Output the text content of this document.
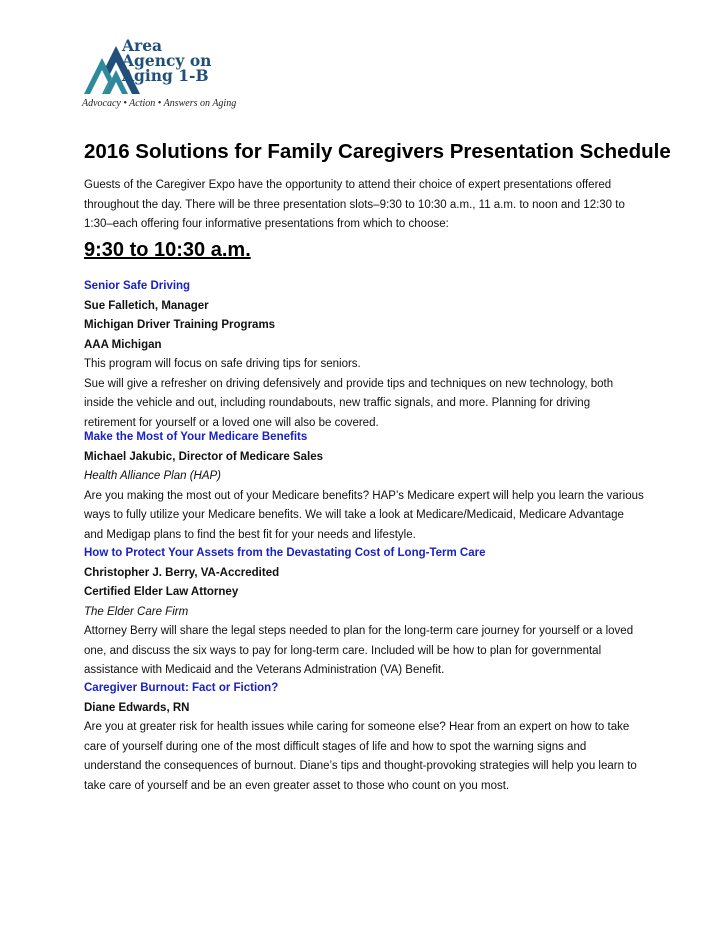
Area
Agency on
Aging 1-B
Advocacy • Action • Answers on Aging
2016 Solutions for Family Caregivers Presentation Schedule

Guests of the Caregiver Expo have the opportunity to attend their choice of expert presentations offered throughout the day. There will be three presentation slots–9:30 to 10:30 a.m., 11 a.m. to noon and 12:30 to 1:30–each offering four informative presentations from which to choose:

9:30 to 10:30 a.m.
Senior Safe Driving
Sue Falletich, Manager
Michigan Driver Training Programs
AAA Michigan
This program will focus on safe driving tips for seniors.
Sue will give a refresher on driving defensively and provide tips and techniques on new technology, both inside the vehicle and out, including roundabouts, new traffic signals, and more. Planning for driving retirement for yourself or a loved one will also be covered.
Make the Most of Your Medicare Benefits
Michael Jakubic, Director of Medicare Sales
Health Alliance Plan (HAP)
Are you making the most out of your Medicare benefits? HAP’s Medicare expert will help you learn the various ways to fully utilize your Medicare benefits. We will take a look at Medicare/Medicaid, Medicare Advantage and Medigap plans to find the best fit for your needs and lifestyle.
How to Protect Your Assets from the Devastating Cost of Long-Term Care
Christopher J. Berry, VA-Accredited
Certified Elder Law Attorney
The Elder Care Firm
Attorney Berry will share the legal steps needed to plan for the long-term care journey for yourself or a loved one, and discuss the six ways to pay for long-term care. Included will be how to plan for governmental assistance with Medicaid and the Veterans Administration (VA) Benefit.
Caregiver Burnout: Fact or Fiction?
Diane Edwards, RN
Are you at greater risk for health issues while caring for someone else? Hear from an expert on how to take care of yourself during one of the most difficult stages of life and how to spot the warning signs and understand the consequences of burnout. Diane’s tips and thought-provoking strategies will help you learn to take care of yourself and be an even greater asset to those who count on you most.
